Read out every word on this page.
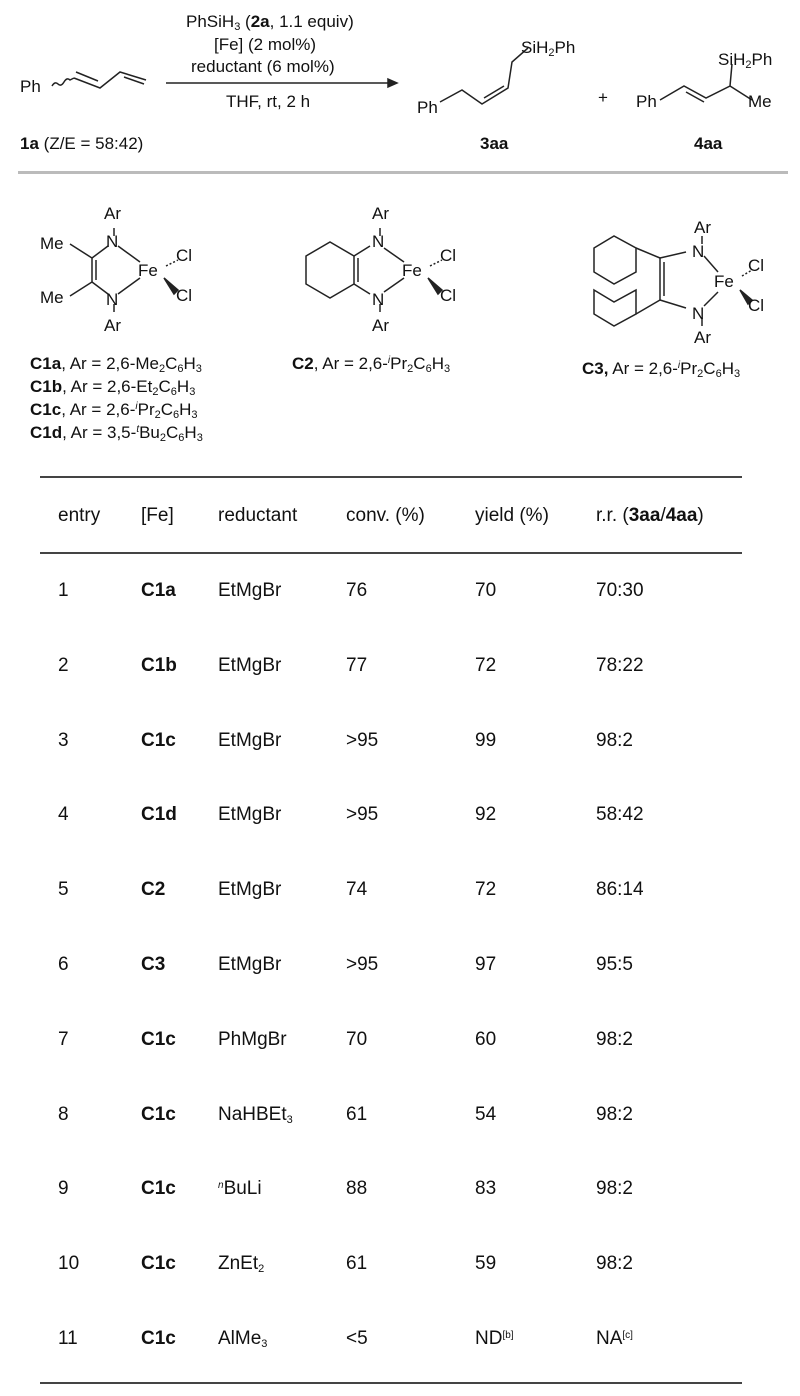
Ph
1a (Z/E = 58:42)
PhSiH$_3$ (2a, 1.1 equiv)
[Fe] (2 mol%)
reductant (6 mol%)
THF, rt, 2 h
SiH$_2$Ph
Ph
3aa
+
SiH$_2$Ph
Ph	Me
4aa
Ar
N
Me
Fe
Cl
Cl
Me N
Ar
Ar
N
Fe
Cl
Cl
N
Ar
Ar
N
Fe
Cl
Cl
N
Ar
C1a, $Ar = 2,6-Me_2C_6H_3$
C1b, $Ar = 2,6-Et_2C_6H_3$
C1c, $Ar = 2,6-^iPr_2C_6H_3$
C1d, $Ar = 3,5-^tBu_2C_6H_3$
C2, $Ar = 2,6-^iPr_2C_6H_3$	C3, $Ar = 2,6-^iPr_2C_6H_3$
entry [Fe] reductant	conv. (%)	yield (%) r.r. (3aa/4aa)
1	C1a EtMgBr	76	70	70:30
2	C1b EtMgBr	77	72	78:22
3	C1c EtMgBr	>95	99	98:2
4	C1d EtMgBr	>95	92	58:42
5	C2	EtMgBr	74	72	86:14
6	C3	EtMgBr	>95	97	95:5
7	C1c PhMgBr	70	60	98:2
8	C1c NaHBEt$_3$	61	54	98:2
9	C1c	$^n$BuLi	88	83	98:2
10	C1c ZnEt$_2$	61	59	98:2
11	C1c AlMe$_3$	<5	ND[b]	NA[c]
